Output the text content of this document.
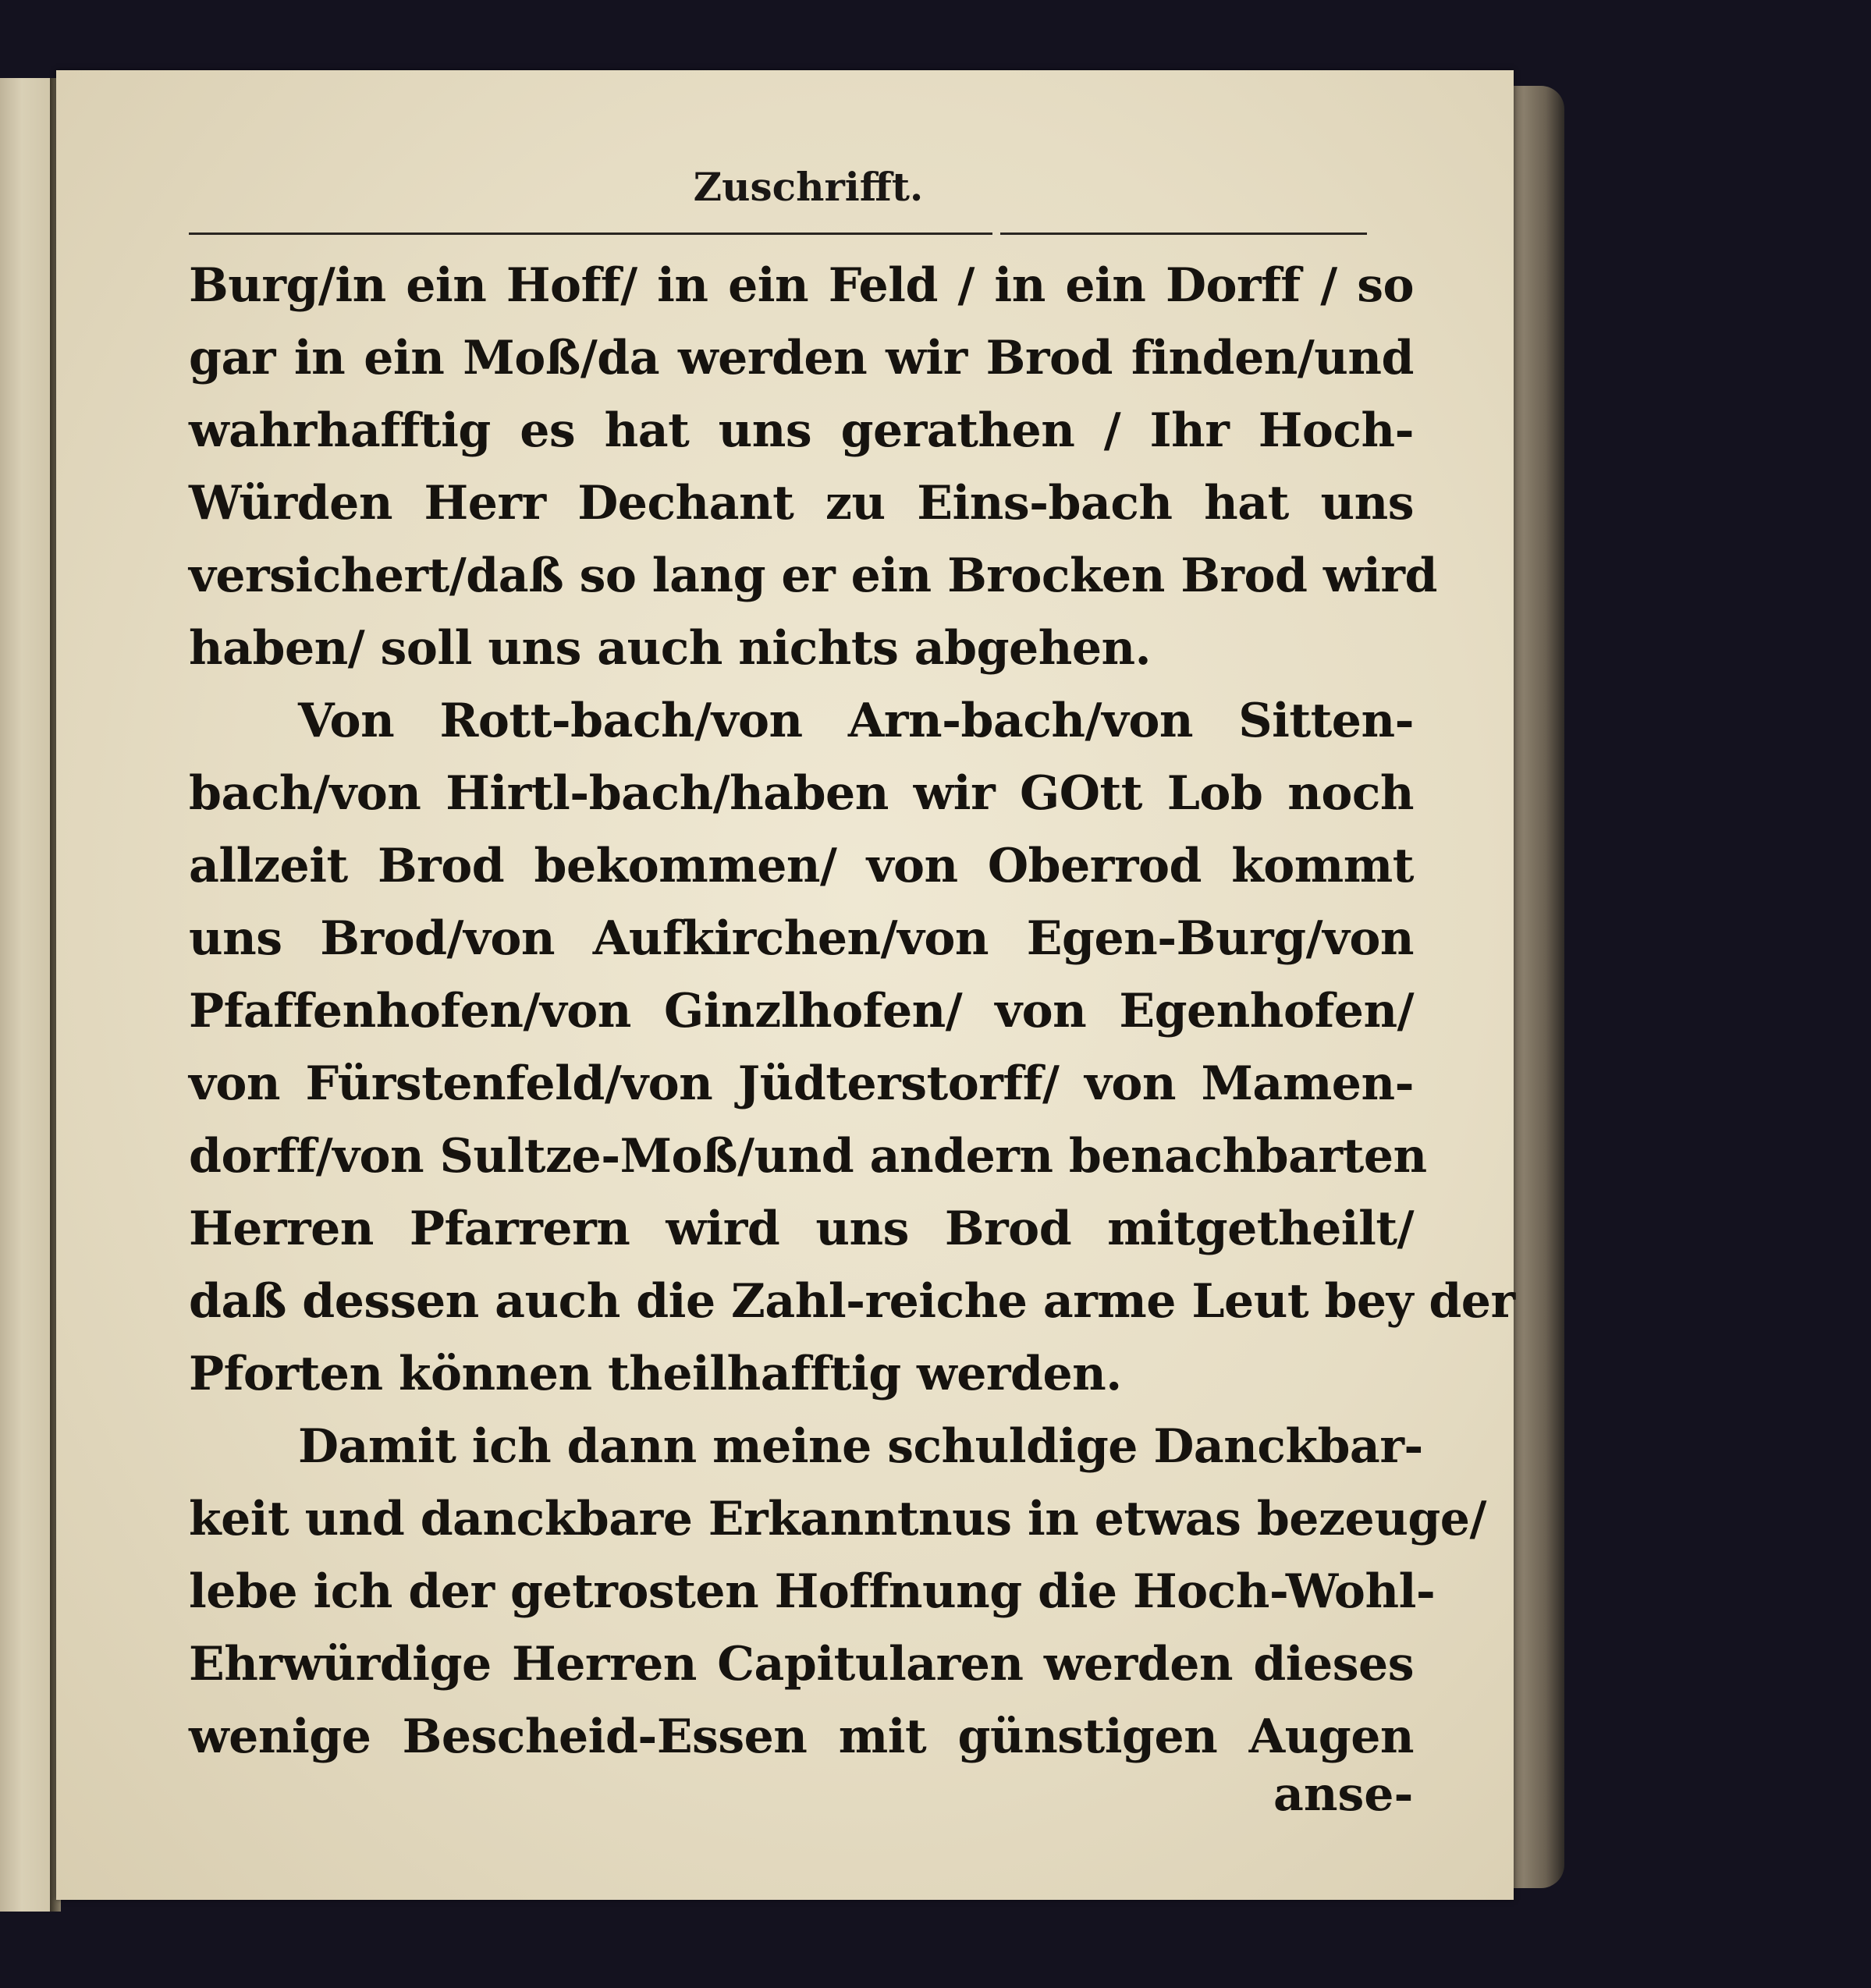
Zuschrifft.
Burg/in ein Hoff/ in ein Feld / in ein Dorff / so
gar in ein Moß/da werden wir Brod finden/und
wahrhafftig es hat uns gerathen / Ihr Hoch-
Würden Herr Dechant zu Eins-bach hat uns
versichert/daß so lang er ein Brocken Brod wird
haben/ soll uns auch nichts abgehen.
Von Rott-bach/von Arn-bach/von Sitten-
bach/von Hirtl-bach/haben wir GOtt Lob noch
allzeit Brod bekommen/ von Oberrod kommt
uns Brod/von Aufkirchen/von Egen-Burg/von
Pfaffenhofen/von Ginzlhofen/ von Egenhofen/
von Fürstenfeld/von Jüdterstorff/ von Mamen-
dorff/von Sultze-Moß/und andern benachbarten
Herren Pfarrern wird uns Brod mitgetheilt/
daß dessen auch die Zahl-reiche arme Leut bey der
Pforten können theilhafftig werden.
Damit ich dann meine schuldige Danckbar-
keit und danckbare Erkanntnus in etwas bezeuge/
lebe ich der getrosten Hoffnung die Hoch-Wohl-
Ehrwürdige Herren Capitularen werden dieses
wenige Bescheid-Essen mit günstigen Augen
anse-
